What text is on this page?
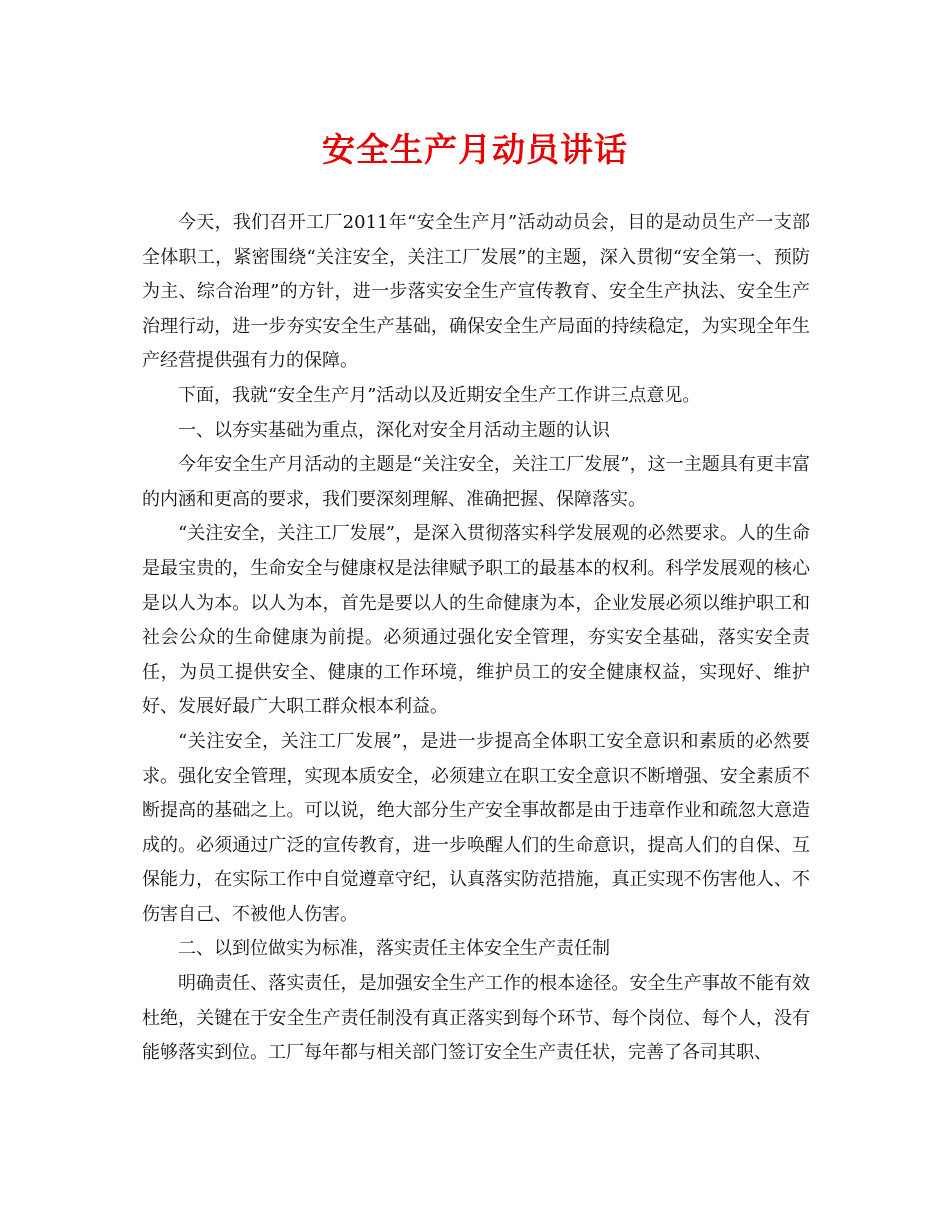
安全生产月动员讲话

今天，我们召开工厂2011年“安全生产月”活动动员会，目的是动员生产一支部全体职工，紧密围绕“关注安全，关注工厂发展”的主题，深入贯彻“安全第一、预防为主、综合治理”的方针，进一步落实安全生产宣传教育、安全生产执法、安全生产治理行动，进一步夯实安全生产基础，确保安全生产局面的持续稳定，为实现全年生产经营提供强有力的保障。

下面，我就“安全生产月”活动以及近期安全生产工作讲三点意见。

一、以夯实基础为重点，深化对安全月活动主题的认识

今年安全生产月活动的主题是“关注安全，关注工厂发展”，这一主题具有更丰富的内涵和更高的要求，我们要深刻理解、准确把握、保障落实。

“关注安全，关注工厂发展”，是深入贯彻落实科学发展观的必然要求。人的生命是最宝贵的，生命安全与健康权是法律赋予职工的最基本的权利。科学发展观的核心是以人为本。以人为本，首先是要以人的生命健康为本，企业发展必须以维护职工和社会公众的生命健康为前提。必须通过强化安全管理，夯实安全基础，落实安全责任，为员工提供安全、健康的工作环境，维护员工的安全健康权益，实现好、维护好、发展好最广大职工群众根本利益。

“关注安全，关注工厂发展”，是进一步提高全体职工安全意识和素质的必然要求。强化安全管理，实现本质安全，必须建立在职工安全意识不断增强、安全素质不断提高的基础之上。可以说，绝大部分生产安全事故都是由于违章作业和疏忽大意造成的。必须通过广泛的宣传教育，进一步唤醒人们的生命意识，提高人们的自保、互保能力，在实际工作中自觉遵章守纪，认真落实防范措施，真正实现不伤害他人、不伤害自己、不被他人伤害。

二、以到位做实为标准，落实责任主体安全生产责任制

明确责任、落实责任，是加强安全生产工作的根本途径。安全生产事故不能有效杜绝，关键在于安全生产责任制没有真正落实到每个环节、每个岗位、每个人，没有能够落实到位。工厂每年都与相关部门签订安全生产责任状，完善了各司其职、
